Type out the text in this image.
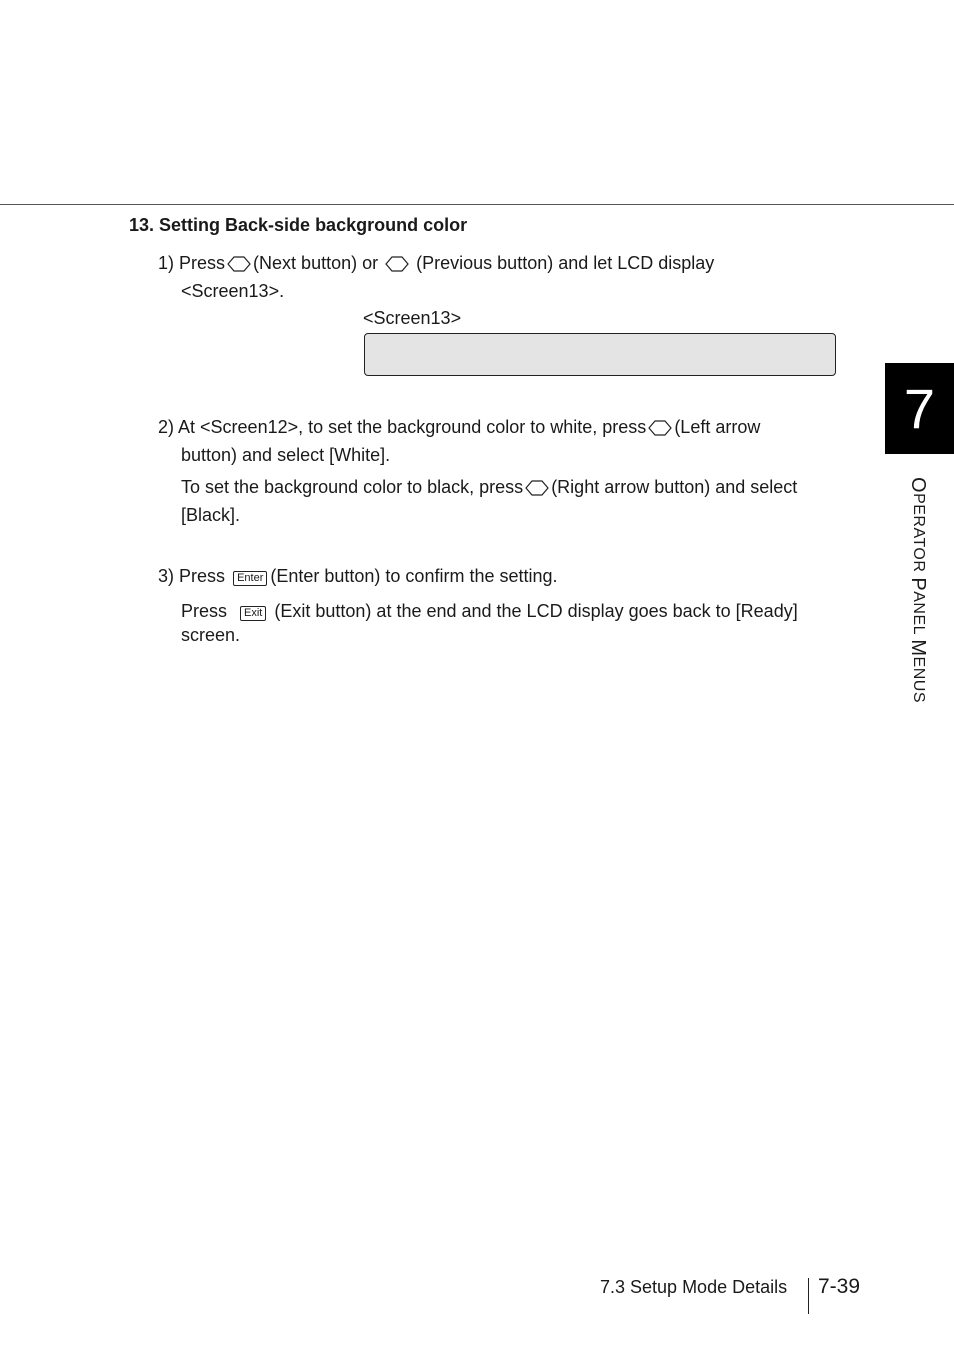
13. Setting Back-side background color
1) Press (Next button) or (Previous button) and let LCD display
<Screen13>.
<Screen13>
2) At <Screen12>, to set the background color to white, press (Left arrow
button) and select [White].
To set the background color to black, press (Right arrow button) and select
[Black].
3) Press Enter (Enter button) to confirm the setting.
Press Exit (Exit button) at the end and the LCD display goes back to [Ready]
screen.
7
OPERATOR PANEL MENUS
7.3 Setup Mode Details 7-39
